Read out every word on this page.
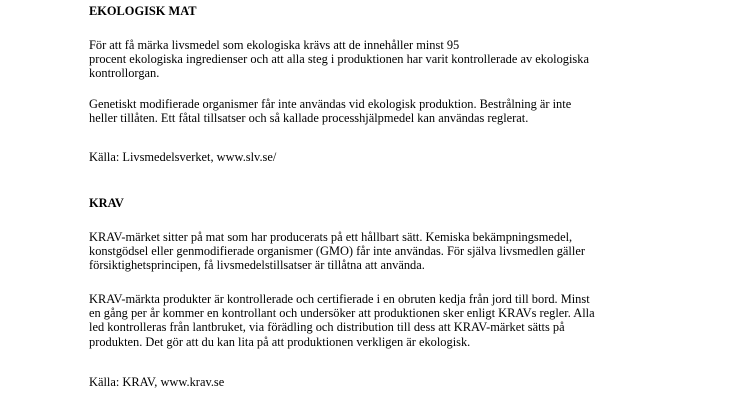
EKOLOGISK MAT
För att få märka livsmedel som ekologiska krävs att de innehåller minst 95
procent ekologiska ingredienser och att alla steg i produktionen har varit kontrollerade av ekologiska
kontrollorgan.
Genetiskt modifierade organismer får inte användas vid ekologisk produktion. Bestrålning är inte
heller tillåten. Ett fåtal tillsatser och så kallade processhjälpmedel kan användas reglerat.
Källa: Livsmedelsverket, www.slv.se/
KRAV
KRAV-märket sitter på mat som har producerats på ett hållbart sätt. Kemiska bekämpningsmedel,
konstgödsel eller genmodifierade organismer (GMO) får inte användas. För själva livsmedlen gäller
försiktighetsprincipen, få livsmedelstillsatser är tillåtna att använda.
KRAV-märkta produkter är kontrollerade och certifierade i en obruten kedja från jord till bord. Minst
en gång per år kommer en kontrollant och undersöker att produktionen sker enligt KRAVs regler. Alla
led kontrolleras från lantbruket, via förädling och distribution till dess att KRAV-märket sätts på
produkten. Det gör att du kan lita på att produktionen verkligen är ekologisk.
Källa: KRAV, www.krav.se
